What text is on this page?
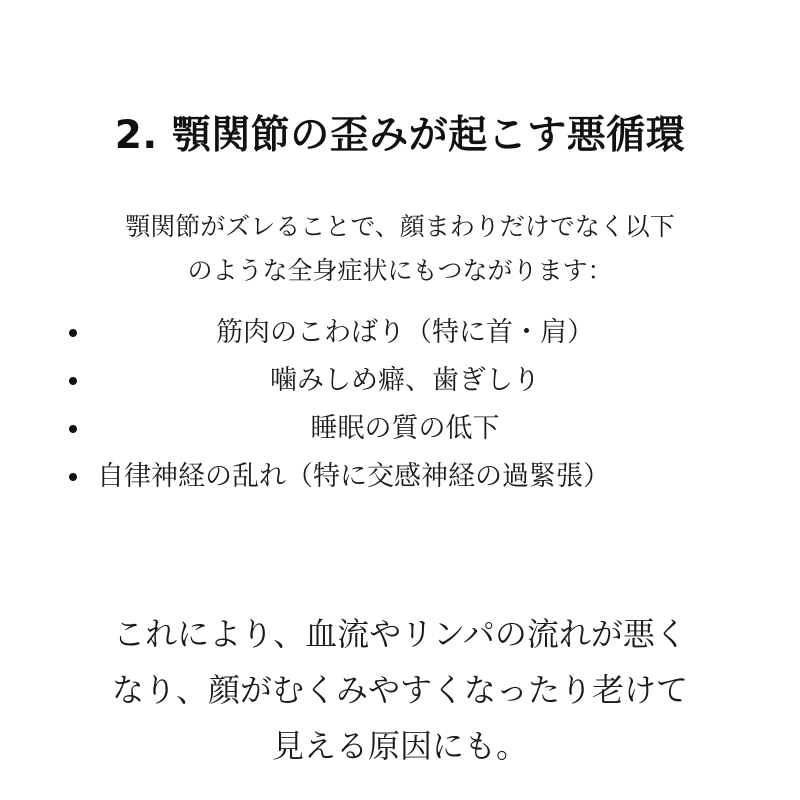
2. 顎関節の歪みが起こす悪循環

顎関節がズレることで、顔まわりだけでなく以下
のような全身症状にもつながります：

筋肉のこわばり（特に首・肩）
噛みしめ癖、歯ぎしり
睡眠の質の低下
自律神経の乱れ（特に交感神経の過緊張）

これにより、血流やリンパの流れが悪く
なり、顔がむくみやすくなったり老けて
見える原因にも。
